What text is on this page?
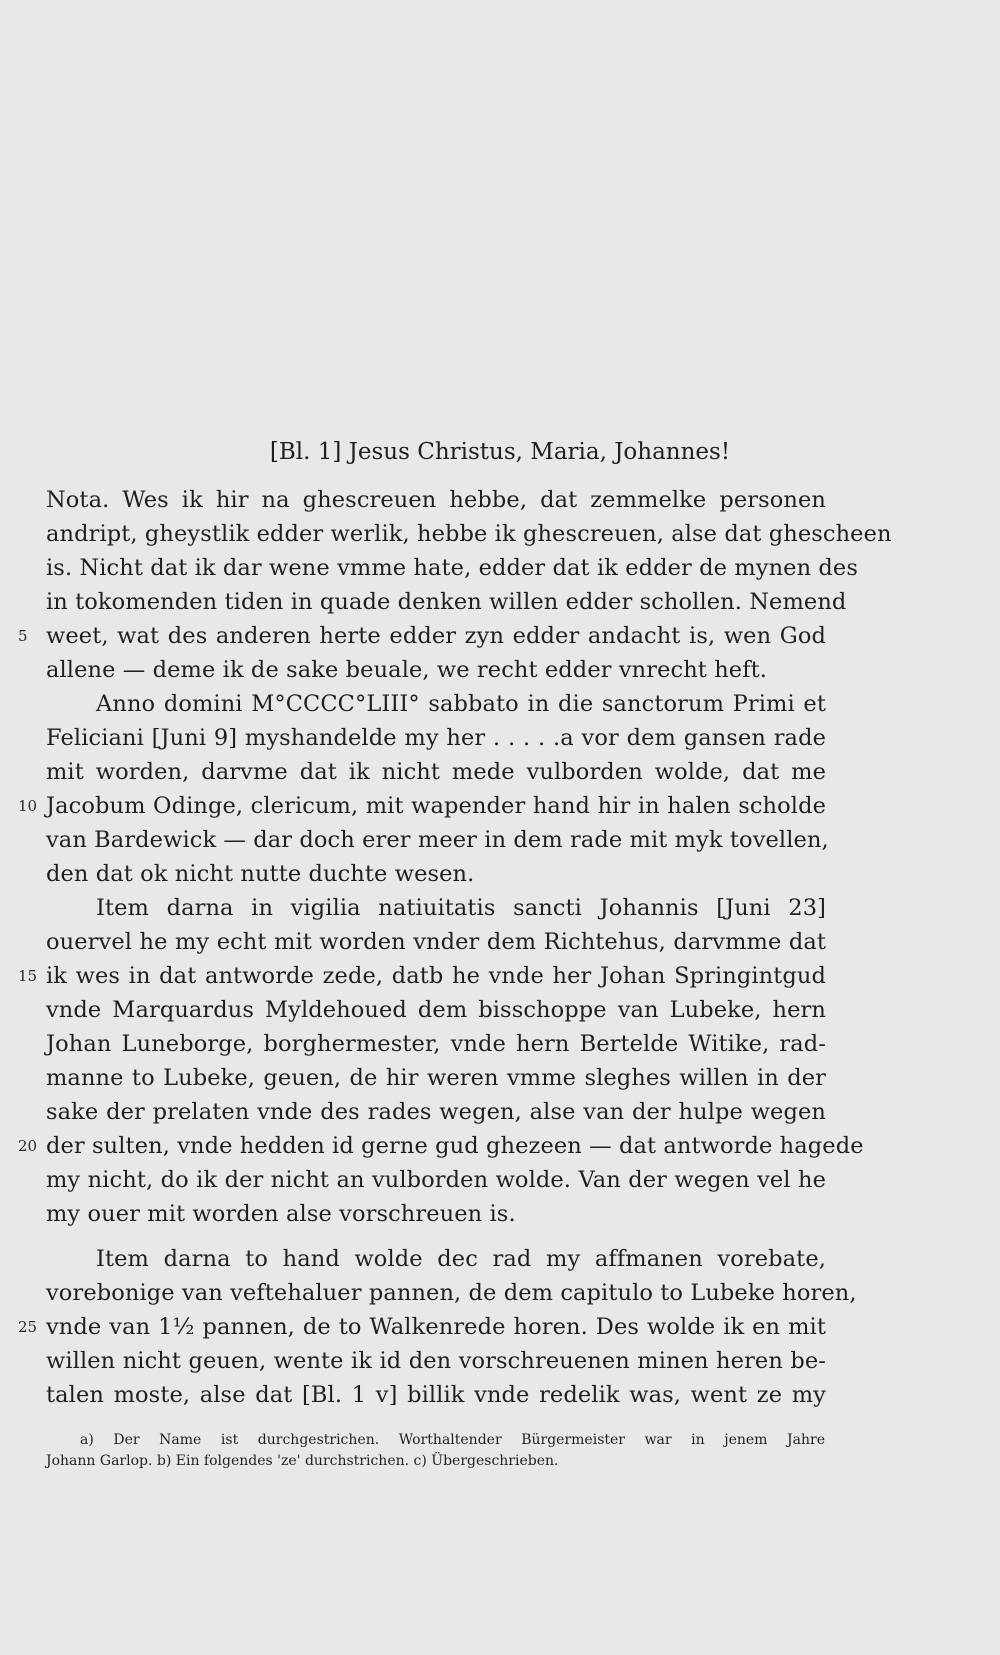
[Bl. 1] Jesus Christus, Maria, Johannes!
Nota. Wes ik hir na ghescreuen hebbe, dat zemmelke personen
andript, gheystlik edder werlik, hebbe ik ghescreuen, alse dat ghescheen
is. Nicht dat ik dar wene vmme hate, edder dat ik edder de mynen des
in tokomenden tiden in quade denken willen edder schollen. Nemend
5 weet, wat des anderen herte edder zyn edder andacht is, wen God
allene — deme ik de sake beuale, we recht edder vnrecht heft.
Anno domini M°CCCC°LIII° sabbato in die sanctorum Primi et
Feliciani [Juni 9] myshandelde my her . . . . .a vor dem gansen rade
mit worden, darvme dat ik nicht mede vulborden wolde, dat me
10 Jacobum Odinge, clericum, mit wapender hand hir in halen scholde
van Bardewick — dar doch erer meer in dem rade mit myk tovellen,
den dat ok nicht nutte duchte wesen.
Item darna in vigilia natiuitatis sancti Johannis [Juni 23]
ouervel he my echt mit worden vnder dem Richtehus, darvmme dat
15 ik wes in dat antworde zede, datb he vnde her Johan Springintgud
vnde Marquardus Myldehoued dem bisschoppe van Lubeke, hern
Johan Luneborge, borghermester, vnde hern Bertelde Witike, rad-
manne to Lubeke, geuen, de hir weren vmme sleghes willen in der
sake der prelaten vnde des rades wegen, alse van der hulpe wegen
20 der sulten, vnde hedden id gerne gud ghezeen — dat antworde hagede
my nicht, do ik der nicht an vulborden wolde. Van der wegen vel he
my ouer mit worden alse vorschreuen is.
Item darna to hand wolde dec rad my affmanen vorebate,
vorebonige van veftehaluer pannen, de dem capitulo to Lubeke horen,
25 vnde van 1½ pannen, de to Walkenrede horen. Des wolde ik en mit
willen nicht geuen, wente ik id den vorschreuenen minen heren be-
talen moste, alse dat [Bl. 1 v] billik vnde redelik was, went ze my
a) Der Name ist durchgestrichen. Worthaltender Bürgermeister war in jenem Jahre
Johann Garlop. b) Ein folgendes 'ze' durchstrichen. c) Übergeschrieben.
